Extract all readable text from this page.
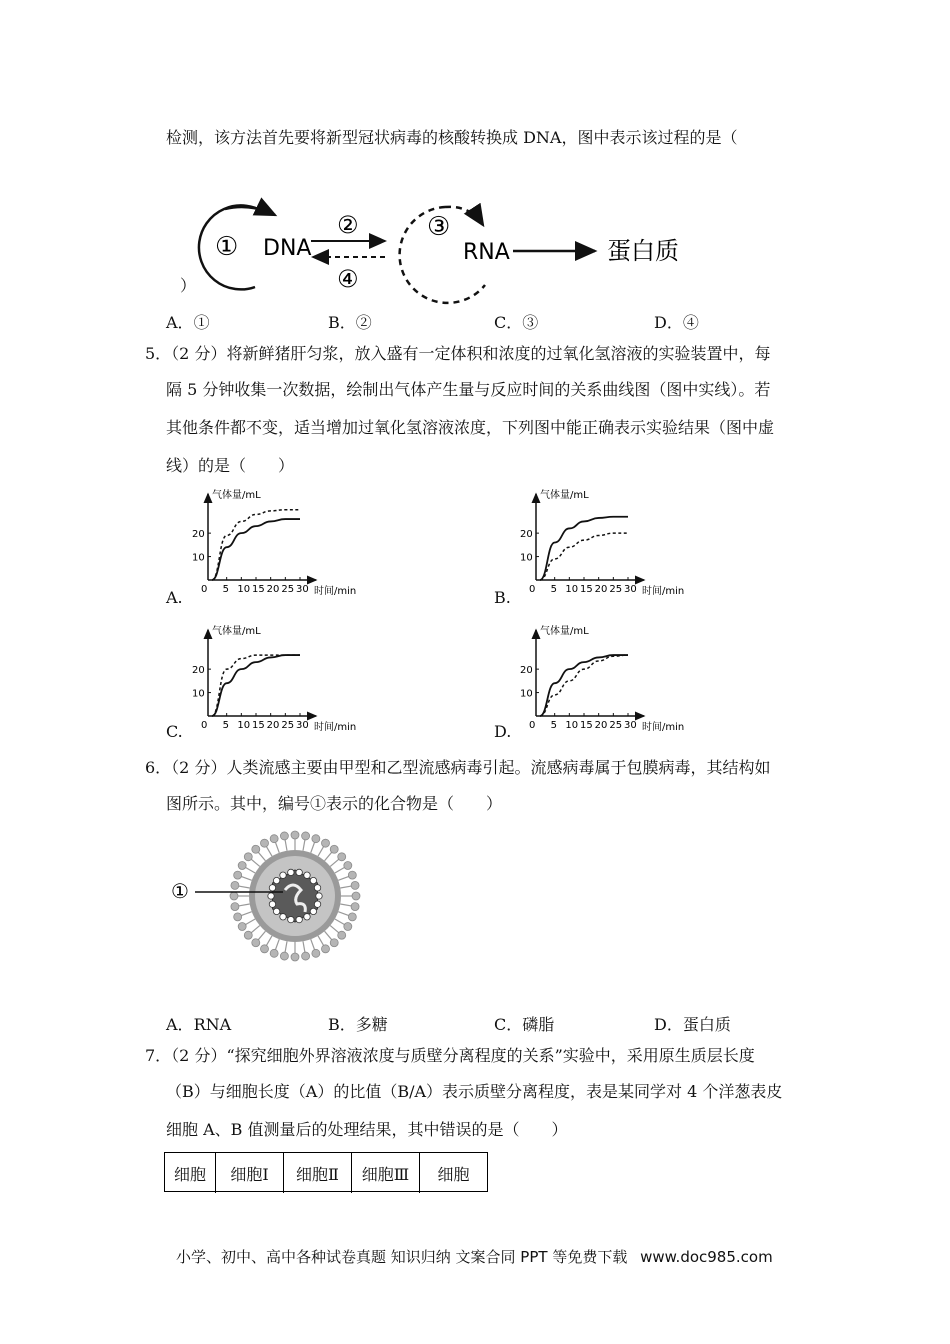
检测，该方法首先要将新型冠状病毒的核酸转换成 DNA，图中表示该过程的是（
① DNA
②
④
③
RNA	蛋白质
）
A．①	B．②	C．③	D．④
5．（2 分）将新鲜猪肝匀浆，放入盛有一定体积和浓度的过氧化氢溶液的实验装置中，每
隔 5 分钟收集一次数据，绘制出气体产生量与反应时间的关系曲线图（图中实线）。若
其他条件都不变，适当增加过氧化氢溶液浓度，下列图中能正确表示实验结果（图中虚
线）的是（　　）
A.	B.
C.	D.
气体量/mL
时间/min
0 5 10 15 20 25 30
10
20
气体量/mL
时间/min
0 5 10 15 20 25 30
10
20
气体量/mL
时间/min
0 5 10 15 20 25 30
10
20
气体量/mL
时间/min
0 5 10 15 20 25 30
10
20
6．（2 分）人类流感主要由甲型和乙型流感病毒引起。流感病毒属于包膜病毒，其结构如
图所示。其中，编号①表示的化合物是（　　）
①
A．RNA	B．多糖	C．磷脂	D．蛋白质
7．（2 分）“探究细胞外界溶液浓度与质壁分离程度的关系”实验中，采用原生质层长度
（B）与细胞长度（A）的比值（B/A）表示质壁分离程度，表是某同学对 4 个洋葱表皮
细胞 A、B 值测量后的处理结果，其中错误的是（　　）
细胞	细胞Ⅰ	细胞Ⅱ	细胞Ⅲ	细胞
小学、初中、高中各种试卷真题 知识归纳 文案合同 PPT 等免费下载 www.doc985.com
